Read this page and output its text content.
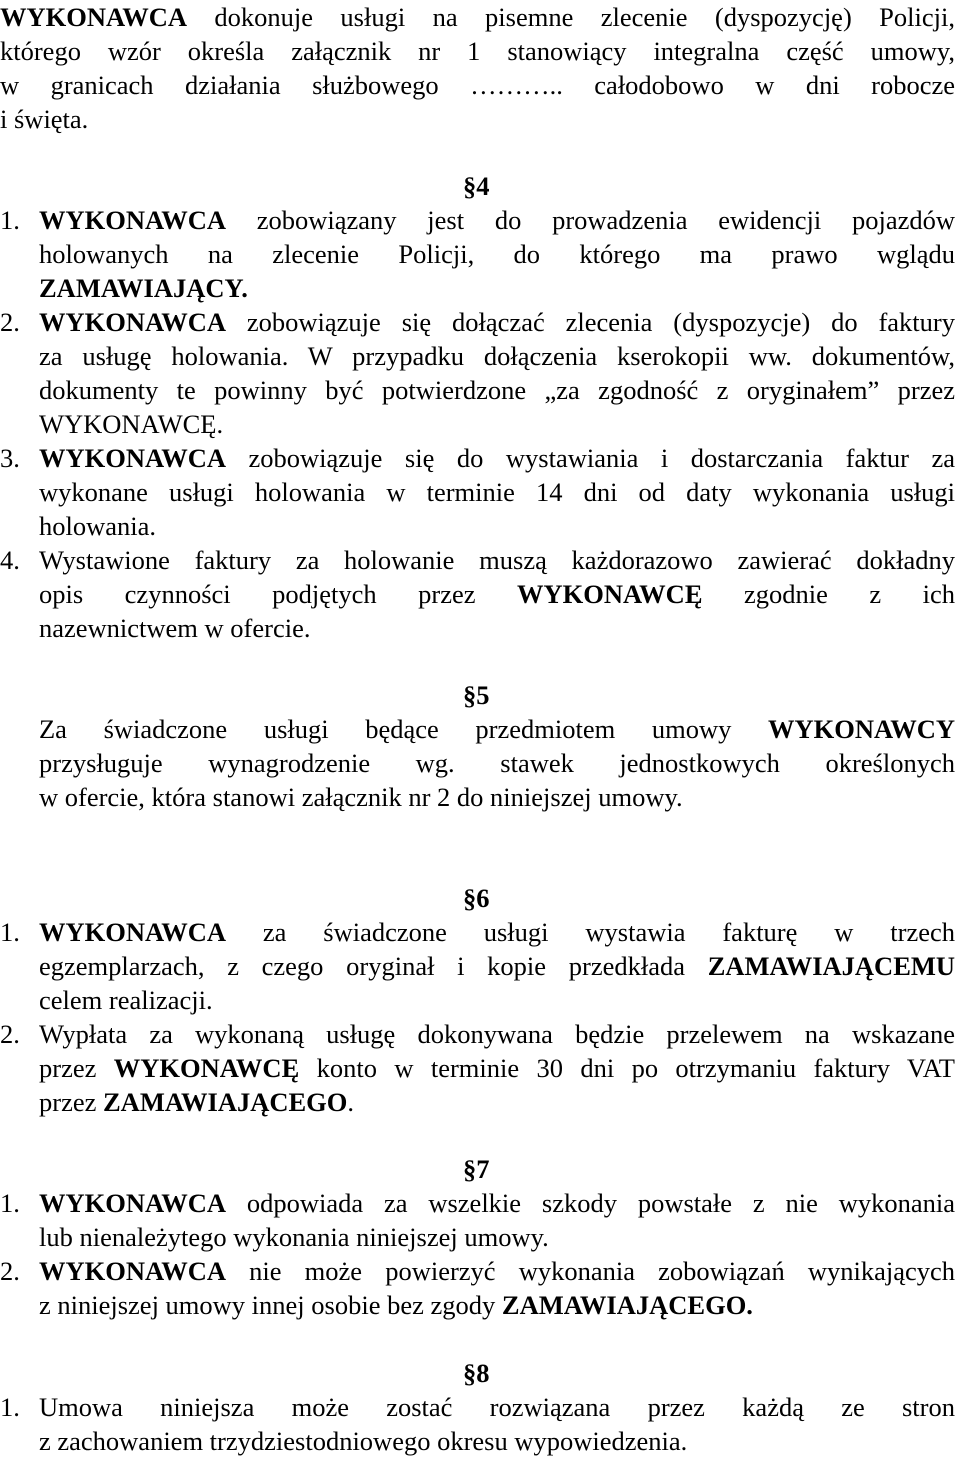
WYKONAWCA dokonuje usługi na pisemne zlecenie (dyspozycję) Policji,
którego wzór określa załącznik nr 1 stanowiący integralna część umowy,
w granicach działania służbowego ……….. całodobowo w dni robocze
i święta.
§4
1. WYKONAWCA zobowiązany jest do prowadzenia ewidencji pojazdów
holowanych na zlecenie Policji, do którego ma prawo wglądu
ZAMAWIAJĄCY.
2. WYKONAWCA zobowiązuje się dołączać zlecenia (dyspozycje) do faktury
za usługę holowania. W przypadku dołączenia kserokopii ww. dokumentów,
dokumenty te powinny być potwierdzone „za zgodność z oryginałem” przez
WYKONAWCĘ.
3. WYKONAWCA zobowiązuje się do wystawiania i dostarczania faktur za
wykonane usługi holowania w terminie 14 dni od daty wykonania usługi
holowania.
4. Wystawione faktury za holowanie muszą każdorazowo zawierać dokładny
opis czynności podjętych przez WYKONAWCĘ zgodnie z ich
nazewnictwem w ofercie.
§5
Za świadczone usługi będące przedmiotem umowy WYKONAWCY
przysługuje wynagrodzenie wg. stawek jednostkowych określonych
w ofercie, która stanowi załącznik nr 2 do niniejszej umowy.
§6
1. WYKONAWCA za świadczone usługi wystawia fakturę w trzech
egzemplarzach, z czego oryginał i kopie przedkłada ZAMAWIAJĄCEMU
celem realizacji.
2. Wypłata za wykonaną usługę dokonywana będzie przelewem na wskazane
przez WYKONAWCĘ konto w terminie 30 dni po otrzymaniu faktury VAT
przez ZAMAWIAJĄCEGO.
§7
1. WYKONAWCA odpowiada za wszelkie szkody powstałe z nie wykonania
lub nienależytego wykonania niniejszej umowy.
2. WYKONAWCA nie może powierzyć wykonania zobowiązań wynikających
z niniejszej umowy innej osobie bez zgody ZAMAWIAJĄCEGO.
§8
1. Umowa niniejsza może zostać rozwiązana przez każdą ze stron
z zachowaniem trzydziestodniowego okresu wypowiedzenia.
